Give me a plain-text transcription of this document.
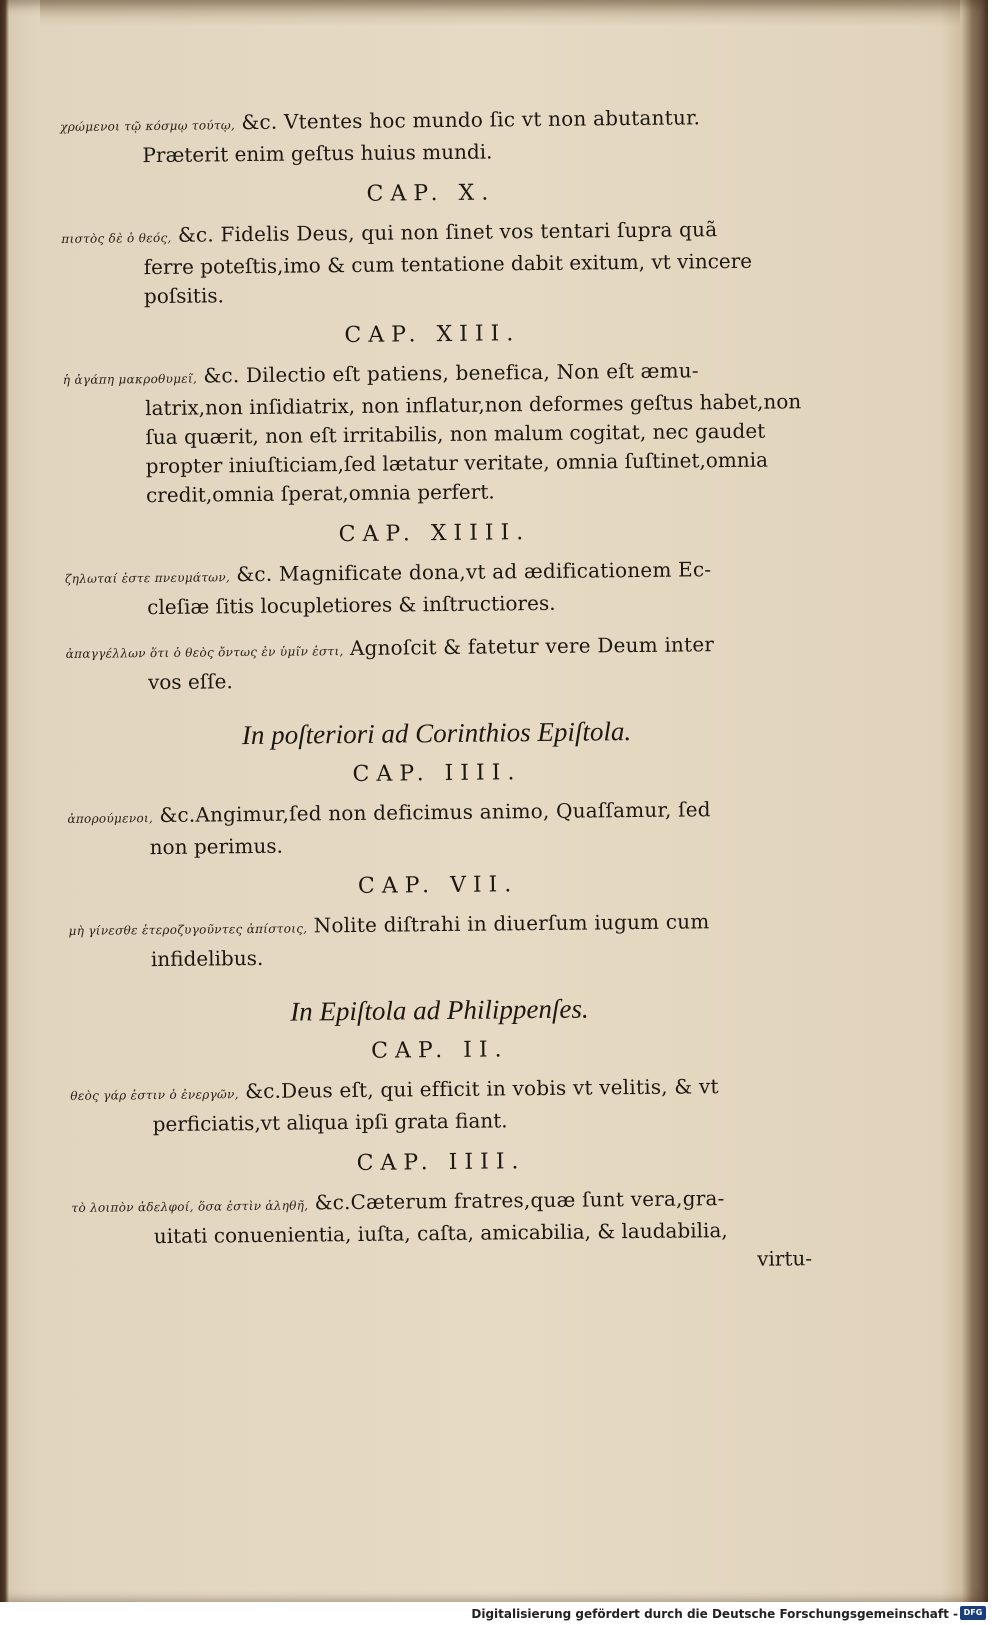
χρώμενοι τῷ κόσμῳ τούτῳ, &c. Vtentes hoc mundo ſic vt non abutantur.
Præterit enim geſtus huius mundi.
CAP. X.
πιστὸς δὲ ὁ θεός, &c. Fidelis Deus, qui non ſinet vos tentari ſupra quã
ferre poteſtis,imo & cum tentatione dabit exitum, vt vincere poſsitis.
CAP. XIII.
ἡ ἀγάπη μακροθυμεῖ, &c. Dilectio eſt patiens, benefica, Non eſt æmu-
latrix,non inſidiatrix, non inflatur,non deformes geſtus habet,non ſua quærit, non eſt irritabilis, non malum cogitat, nec gaudet propter iniuſticiam,ſed lætatur veritate, omnia ſuſtinet,omnia credit,omnia ſperat,omnia perfert.
CAP. XIIII.
ζηλωταί ἐστε πνευμάτων, &c. Magnificate dona,vt ad ædificationem Ec-
cleſiæ ſitis locupletiores & inſtructiores.
ἀπαγγέλλων ὅτι ὁ θεὸς ὄντως ἐν ὑμῖν ἐστι, Agnoſcit & fatetur vere Deum inter
vos eſſe.
In poſteriori ad Corinthios Epiſtola.
CAP. IIII.
ἀπορούμενοι, &c.Angimur,ſed non deficimus animo, Quaſſamur, ſed
non perimus.
CAP. VII.
μὴ γίνεσθε ἑτεροζυγοῦντες ἀπίστοις, Nolite diſtrahi in diuerſum iugum cum
infidelibus.
In Epiſtola ad Philippenſes.
CAP. II.
θεὸς γάρ ἐστιν ὁ ἐνεργῶν, &c.Deus eſt, qui efficit in vobis vt velitis, & vt
perficiatis,vt aliqua ipſi grata fiant.
CAP. IIII.
τὸ λοιπὸν ἀδελφοί, ὅσα ἐστὶν ἀληθῆ, &c.Cæterum fratres,quæ ſunt vera,gra-
uitati conuenientia, iuſta, caſta, amicabilia, & laudabilia,
virtu-
Digitalisierung gefördert durch die Deutsche Forschungsgemeinschaft - DFG
